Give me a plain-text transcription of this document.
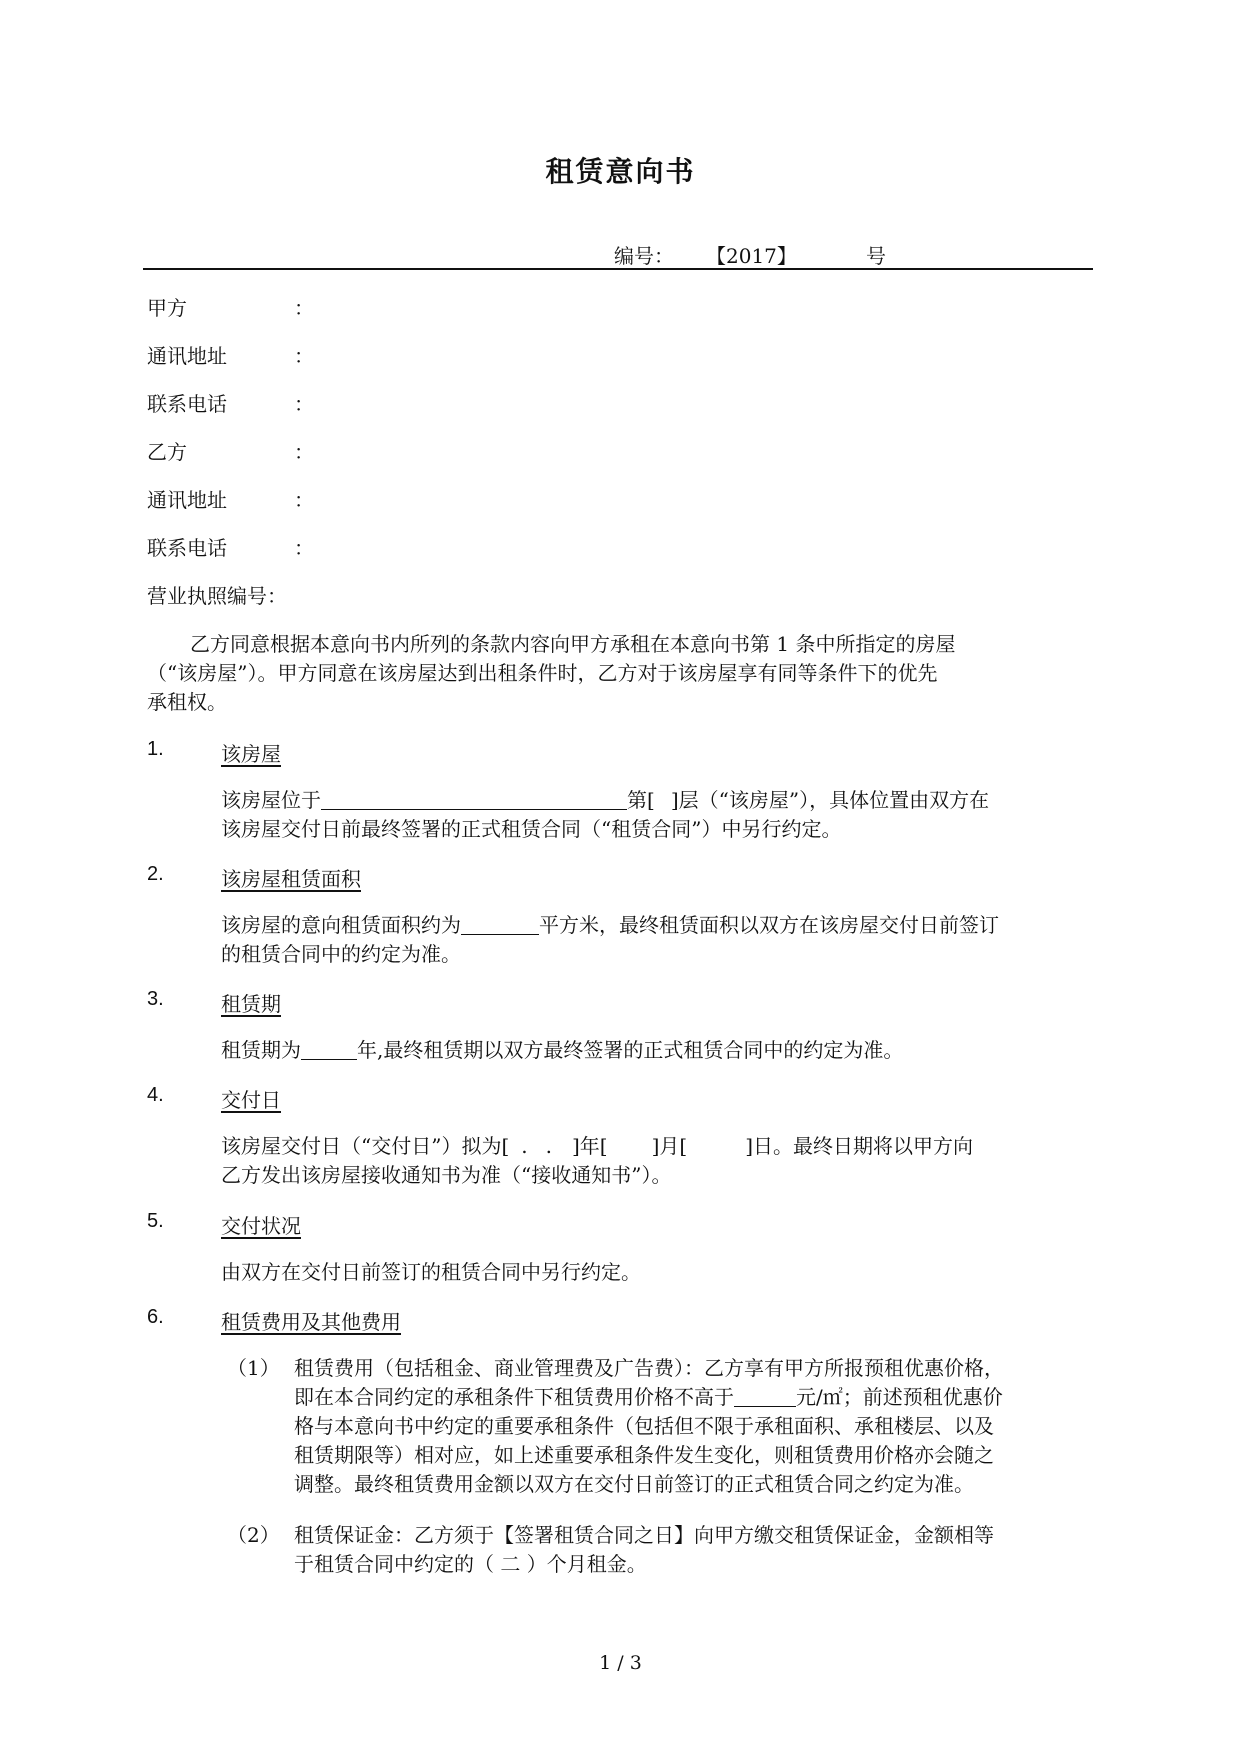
租赁意向书
编号： 【2017】	号
甲方	：
通讯地址	：
联系电话	：
乙方	：
通讯地址	：
联系电话	：
营业执照编号：
乙方同意根据本意向书内所列的条款内容向甲方承租在本意向书第 1 条中所指定的房屋
（“该房屋”）。甲方同意在该房屋达到出租条件时，乙方对于该房屋享有同等条件下的优先
承租权。
1.	该房屋
该房屋位于	第[ ]层（“该房屋”），具体位置由双方在
该房屋交付日前最终签署的正式租赁合同（“租赁合同”）中另行约定。
2.	该房屋租赁面积
该房屋的意向租赁面积约为	平方米，最终租赁面积以双方在该房屋交付日前签订
的租赁合同中的约定为准。
3.	租赁期
租赁期为	年,最终租赁期以双方最终签署的正式租赁合同中的约定为准。
4.	交付日
该房屋交付日（“交付日”）拟为[ . . ]年[ ]月[	]日。最终日期将以甲方向
乙方发出该房屋接收通知书为准（“接收通知书”）。
5.	交付状况
由双方在交付日前签订的租赁合同中另行约定。
6.	租赁费用及其他费用
（1） 租赁费用（包括租金、商业管理费及广告费）：乙方享有甲方所报预租优惠价格，
即在本合同约定的承租条件下租赁费用价格不高于	元/㎡；前述预租优惠价
格与本意向书中约定的重要承租条件（包括但不限于承租面积、承租楼层、以及
租赁期限等）相对应，如上述重要承租条件发生变化，则租赁费用价格亦会随之
调整。最终租赁费用金额以双方在交付日前签订的正式租赁合同之约定为准。
（2） 租赁保证金：乙方须于【签署租赁合同之日】向甲方缴交租赁保证金，金额相等
于租赁合同中约定的（ 二 ）个月租金。
1 / 3
